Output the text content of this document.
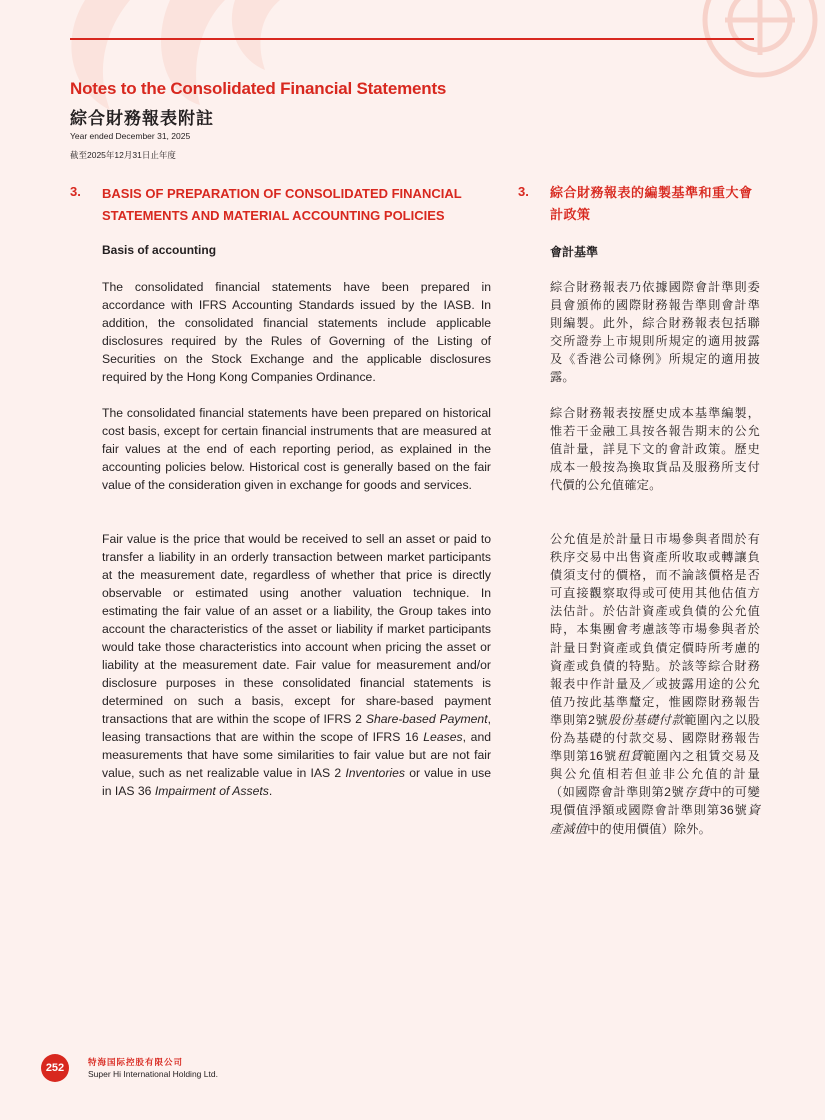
Notes to the Consolidated Financial Statements
綜合財務報表附註
Year ended December 31, 2025
截至2025年12月31日止年度
3. BASIS OF PREPARATION OF CONSOLIDATED FINANCIAL STATEMENTS AND MATERIAL ACCOUNTING POLICIES
3. 綜合財務報表的編製基準和重大會計政策
Basis of accounting	會計基準

The consolidated financial statements have been prepared in accordance with IFRS Accounting Standards issued by the IASB. In addition, the consolidated financial statements include applicable disclosures required by the Rules of Governing of the Listing of Securities on the Stock Exchange and the applicable disclosures required by the Hong Kong Companies Ordinance.

The consolidated financial statements have been prepared on historical cost basis, except for certain financial instruments that are measured at fair values at the end of each reporting period, as explained in the accounting policies below. Historical cost is generally based on the fair value of the consideration given in exchange for goods and services.

Fair value is the price that would be received to sell an asset or paid to transfer a liability in an orderly transaction between market participants at the measurement date, regardless of whether that price is directly observable or estimated using another valuation technique. In estimating the fair value of an asset or a liability, the Group takes into account the characteristics of the asset or liability if market participants would take those characteristics into account when pricing the asset or liability at the measurement date. Fair value for measurement and/or disclosure purposes in these consolidated financial statements is determined on such a basis, except for share-based payment transactions that are within the scope of IFRS 2 Share-based Payment, leasing transactions that are within the scope of IFRS 16 Leases, and measurements that have some similarities to fair value but are not fair value, such as net realizable value in IAS 2 Inventories or value in use in IAS 36 Impairment of Assets.

綜合財務報表乃依據國際會計準則委員會頒佈的國際財務報告準則會計準則編製。此外，綜合財務報表包括聯交所證券上市規則所規定的適用披露及《香港公司條例》所規定的適用披露。

綜合財務報表按歷史成本基準編製，惟若干金融工具按各報告期末的公允值計量，詳見下文的會計政策。歷史成本一般按為換取貨品及服務所支付代價的公允值確定。

公允值是於計量日市場參與者間於有秩序交易中出售資產所收取或轉讓負債須支付的價格，而不論該價格是否可直接觀察取得或可使用其他估值方法估計。於估計資產或負債的公允值時，本集團會考慮該等市場參與者於計量日對資產或負債定價時所考慮的資產或負債的特點。於該等綜合財務報表中作計量及╱或披露用途的公允值乃按此基準釐定，惟國際財務報告準則第2號股份基礎付款範圍內之以股份為基礎的付款交易、國際財務報告準則第16號租賃範圍內之租賃交易及與公允值相若但並非公允值的計量（如國際會計準則第2號存貨中的可變現價值淨額或國際會計準則第36號資產減值中的使用價值）除外。

252	特海国际控股有限公司
Super Hi International Holding Ltd.
